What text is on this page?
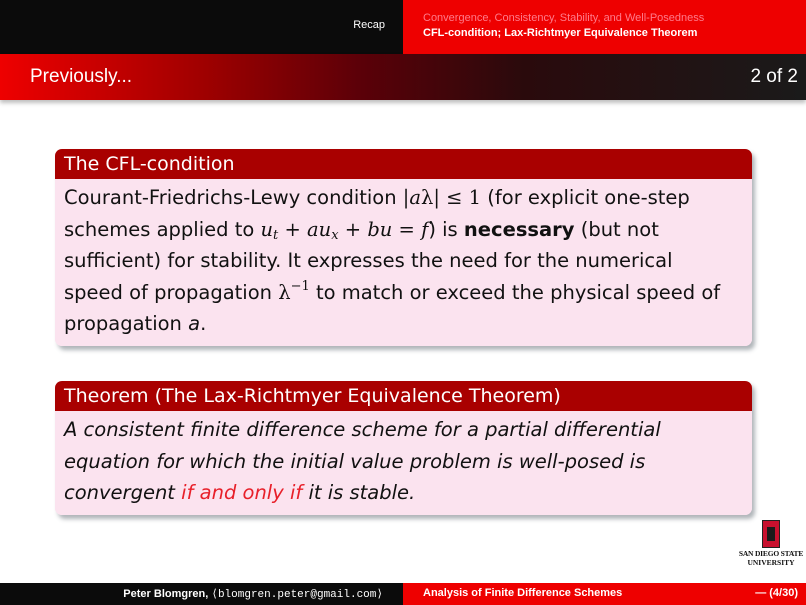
Recap
Convergence, Consistency, Stability, and Well-Posedness
CFL-condition; Lax-Richtmyer Equivalence Theorem
Previously...	2 of 2
The CFL-condition
Courant-Friedrichs-Lewy condition |aλ| ≤ 1 (for explicit one-step
schemes applied to $u_t + au_x$ + bu = f) is necessary (but not
sufficient) for stability. It expresses the need for the numerical
speed of propagation $\lambda^{-1}$ to match or exceed the physical speed of
propagation a.
Theorem (The Lax-Richtmyer Equivalence Theorem)
A consistent finite difference scheme for a partial differential
equation for which the initial value problem is well-posed is
convergent if and only if it is stable.
SAN DIEGO STATE
UNIVERSITY
Peter Blomgren, ⟨blomgren.peter@gmail.com⟩	Analysis of Finite Difference Schemes	— (4/30)
